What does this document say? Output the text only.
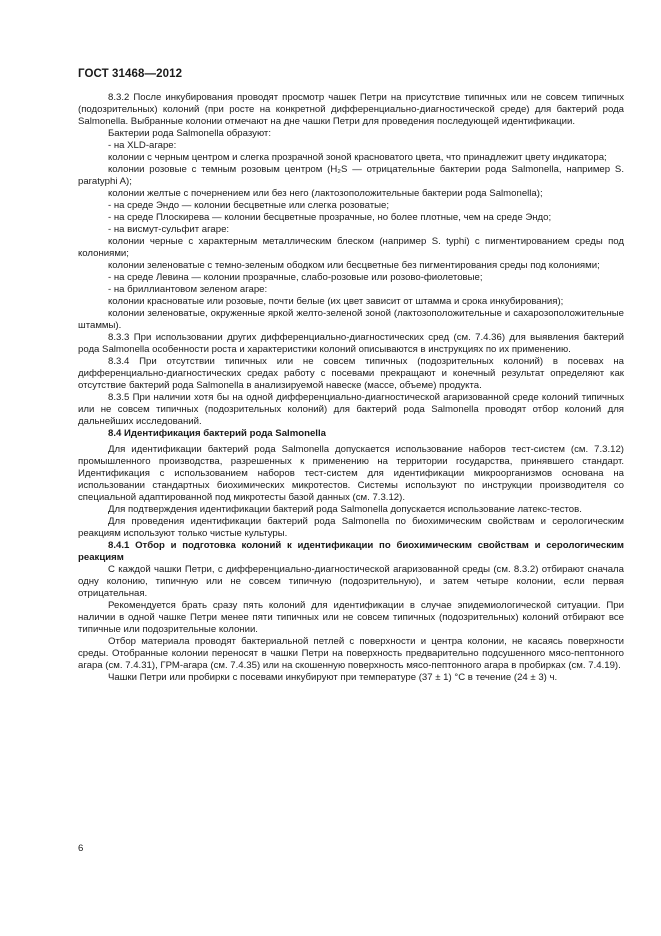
ГОСТ 31468—2012

8.3.2 После инкубирования проводят просмотр чашек Петри на присутствие типичных или не совсем типичных (подозрительных) колоний (при росте на конкретной дифференциально-диагностической среде) для бактерий рода Salmonella. Выбранные колонии отмечают на дне чашки Петри для проведения последующей идентификации.

Бактерии рода Salmonella образуют:

- на XLD-агаре:

колонии с черным центром и слегка прозрачной зоной красноватого цвета, что принадлежит цвету индикатора;

колонии розовые с темным розовым центром (H₂S — отрицательные бактерии рода Salmonella, например S. paratyphi A);

колонии желтые с почернением или без него (лактозоположительные бактерии рода Salmonella);

- на среде Эндо — колонии бесцветные или слегка розоватые;

- на среде Плоскирева — колонии бесцветные прозрачные, но более плотные, чем на среде Эндо;

- на висмут-сульфит агаре:

колонии черные с характерным металлическим блеском (например S. typhi) с пигментированием среды под колониями;

колонии зеленоватые с темно-зеленым ободком или бесцветные без пигментирования среды под колониями;

- на среде Левина — колонии прозрачные, слабо-розовые или розово-фиолетовые;

- на бриллиантовом зеленом агаре:

колонии красноватые или розовые, почти белые (их цвет зависит от штамма и срока инкубирования);

колонии зеленоватые, окруженные яркой желто-зеленой зоной (лактозоположительные и сахарозоположительные штаммы).

8.3.3 При использовании других дифференциально-диагностических сред (см. 7.4.36) для выявления бактерий рода Salmonella особенности роста и характеристики колоний описываются в инструкциях по их применению.

8.3.4 При отсутствии типичных или не совсем типичных (подозрительных колоний) в посевах на дифференциально-диагностических средах работу с посевами прекращают и конечный результат определяют как отсутствие бактерий рода Salmonella в анализируемой навеске (массе, объеме) продукта.

8.3.5 При наличии хотя бы на одной дифференциально-диагностической агаризованной среде колоний типичных или не совсем типичных (подозрительных колоний) для бактерий рода Salmonella проводят отбор колоний для дальнейших исследований.

8.4 Идентификация бактерий рода Salmonella

Для идентификации бактерий рода Salmonella допускается использование наборов тест-систем (см. 7.3.12) промышленного производства, разрешенных к применению на территории государства, принявшего стандарт. Идентификация с использованием наборов тест-систем для идентификации микроорганизмов основана на использовании стандартных биохимических микротестов. Системы используют по инструкции производителя со специальной адаптированной под микротесты базой данных (см. 7.3.12).

Для подтверждения идентификации бактерий рода Salmonella допускается использование латекс-тестов.

Для проведения идентификации бактерий рода Salmonella по биохимическим свойствам и серологическим реакциям используют только чистые культуры.

8.4.1 Отбор и подготовка колоний к идентификации по биохимическим свойствам и серологическим реакциям

С каждой чашки Петри, с дифференциально-диагностической агаризованной среды (см. 8.3.2) отбирают сначала одну колонию, типичную или не совсем типичную (подозрительную), и затем четыре колонии, если первая отрицательная.

Рекомендуется брать сразу пять колоний для идентификации в случае эпидемиологической ситуации. При наличии в одной чашке Петри менее пяти типичных или не совсем типичных (подозрительных) колоний отбирают все типичные или подозрительные колонии.

Отбор материала проводят бактериальной петлей с поверхности и центра колонии, не касаясь поверхности среды. Отобранные колонии переносят в чашки Петри на поверхность предварительно подсушенного мясо-пептонного агара (см. 7.4.31), ГРМ-агара (см. 7.4.35) или на скошенную поверхность мясо-пептонного агара в пробирках (см. 7.4.19).

Чашки Петри или пробирки с посевами инкубируют при температуре (37 ± 1) °С в течение (24 ± 3) ч.

6
